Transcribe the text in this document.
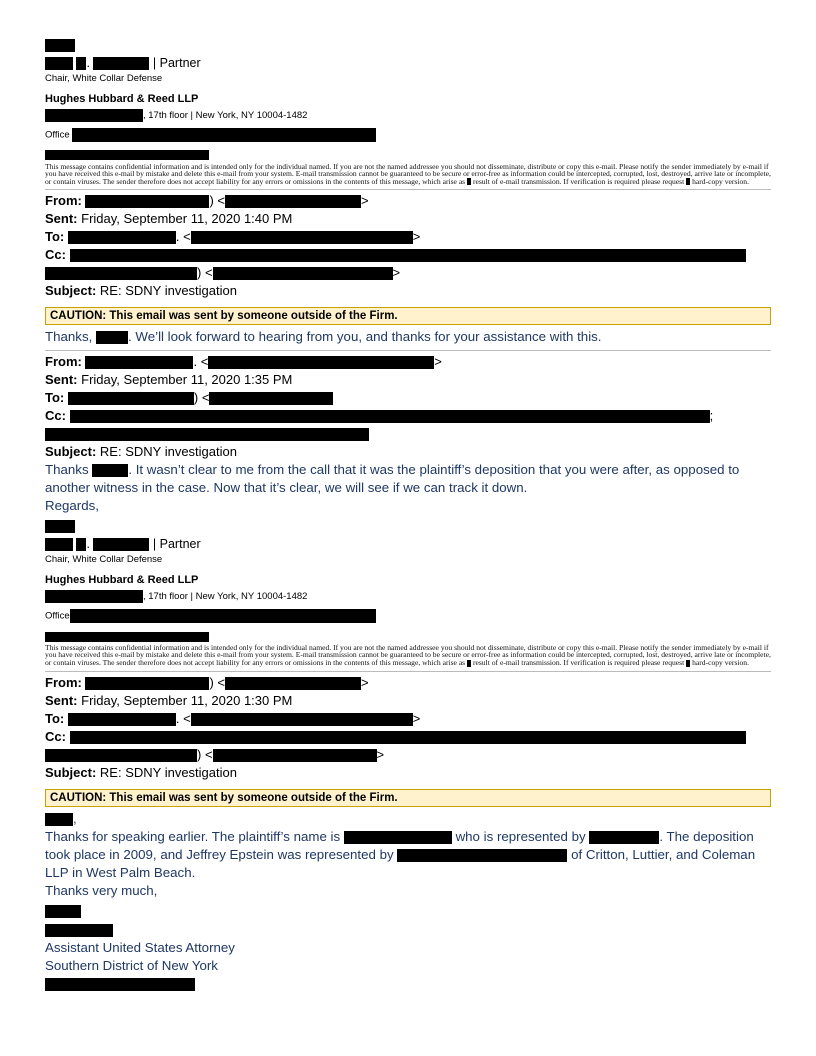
.	| Partner
Chair, White Collar Defense
Hughes Hubbard & Reed LLP
, 17th floor | New York, NY 10004-1482
Office
This message contains confidential information and is intended only for the individual named. If you are not the named addressee you should not disseminate, distribute or copy this e-mail. Please notify the sender immediately by e-mail if you have received this e-mail by mistake and delete this e-mail from your system. E-mail transmission cannot be guaranteed to be secure or error-free as information could be intercepted, corrupted, lost, destroyed, arrive late or incomplete, or contain viruses. The sender therefore does not accept liability for any errors or omissions in the contents of this message, which arise as result of e-mail transmission. If verification is required please request hard-copy version.
From:	) <	>
Sent: Friday, September 11, 2020 1:40 PM
To:	. <	>
Cc:
) <	>
Subject: RE: SDNY investigation
CAUTION: This email was sent by someone outside of the Firm.
Thanks,	. We’ll look forward to hearing from you, and thanks for your assistance with this.
From:	. <	>
Sent: Friday, September 11, 2020 1:35 PM
To:	) <
Cc:	;
Subject: RE: SDNY investigation
Thanks	. It wasn’t clear to me from the call that it was the plaintiff’s deposition that you were after, as opposed to another witness in the case. Now that it’s clear, we will see if we can track it down.
Regards,
.	| Partner
Chair, White Collar Defense
Hughes Hubbard & Reed LLP
, 17th floor | New York, NY 10004-1482
Office
This message contains confidential information and is intended only for the individual named. If you are not the named addressee you should not disseminate, distribute or copy this e-mail. Please notify the sender immediately by e-mail if you have received this e-mail by mistake and delete this e-mail from your system. E-mail transmission cannot be guaranteed to be secure or error-free as information could be intercepted, corrupted, lost, destroyed, arrive late or incomplete, or contain viruses. The sender therefore does not accept liability for any errors or omissions in the contents of this message, which arise as result of e-mail transmission. If verification is required please request hard-copy version.
From:	) <	>
Sent: Friday, September 11, 2020 1:30 PM
To:	. <	>
Cc:
) <	>
Subject: RE: SDNY investigation
CAUTION: This email was sent by someone outside of the Firm.
,
Thanks for speaking earlier. The plaintiff’s name is	who is represented by	. The deposition took place in 2009, and Jeffrey Epstein was represented by	of Critton, Luttier, and Coleman LLP in West Palm Beach.
Thanks very much,
Assistant United States Attorney
Southern District of New York
